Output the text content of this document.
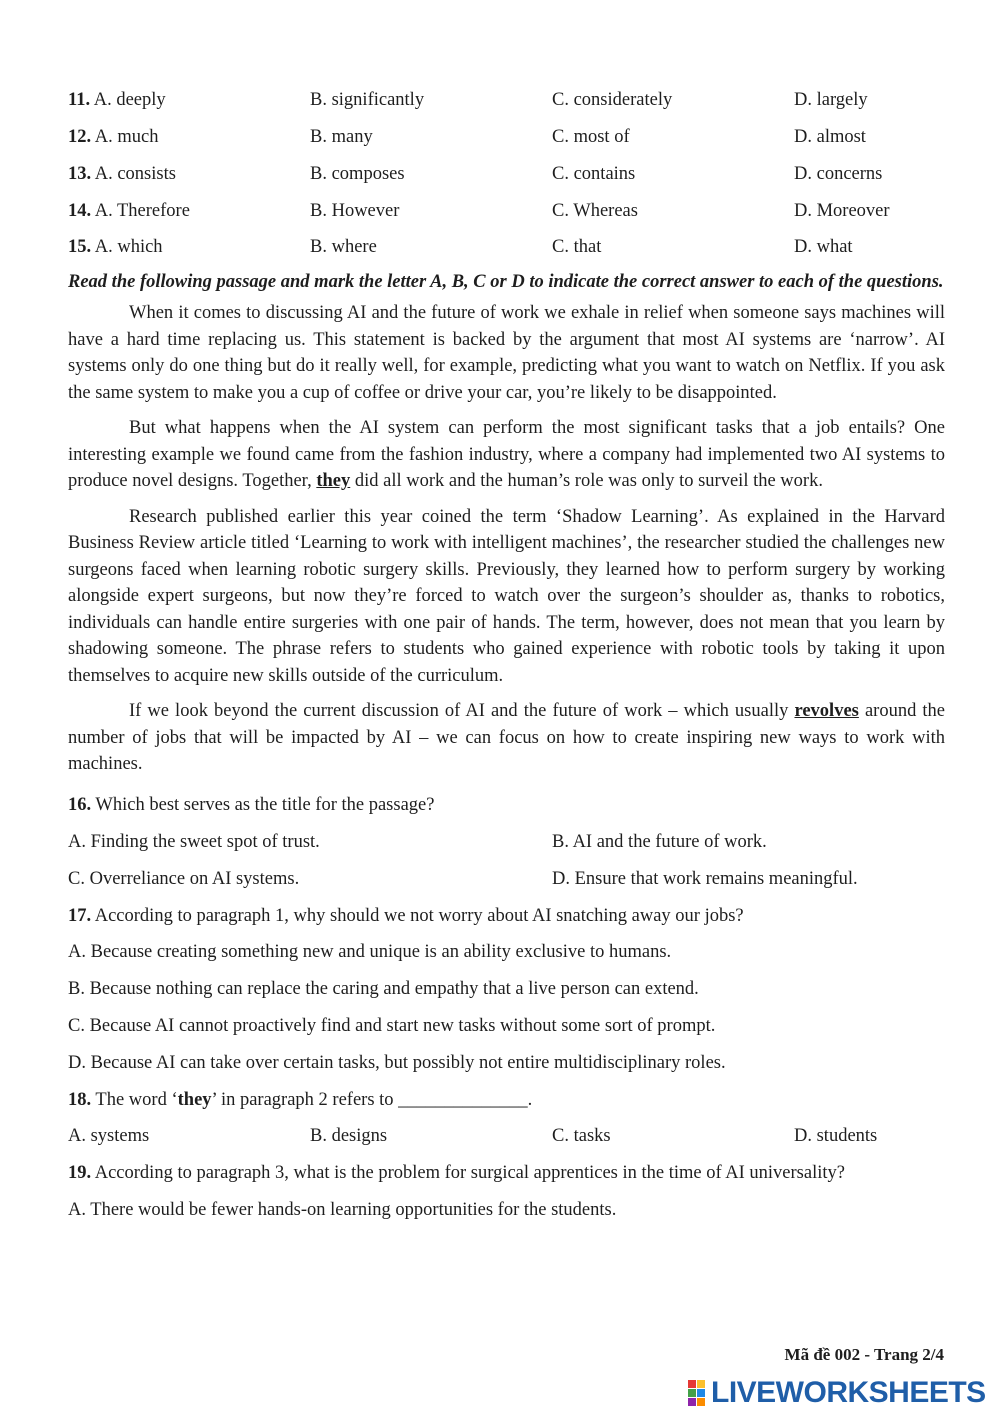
11. A. deeply	B. significantly	C. considerately	D. largely
12. A. much	B. many	C. most of	D. almost
13. A. consists	B. composes	C. contains	D. concerns
14. A. Therefore	B. However	C. Whereas	D. Moreover
15. A. which	B. where	C. that	D. what

Read the following passage and mark the letter A, B, C or D to indicate the correct answer to each of the questions.

When it comes to discussing AI and the future of work we exhale in relief when someone says machines will have a hard time replacing us. This statement is backed by the argument that most AI systems are ‘narrow’. AI systems only do one thing but do it really well, for example, predicting what you want to watch on Netflix. If you ask the same system to make you a cup of coffee or drive your car, you’re likely to be disappointed.

But what happens when the AI system can perform the most significant tasks that a job entails? One interesting example we found came from the fashion industry, where a company had implemented two AI systems to produce novel designs. Together, they did all work and the human’s role was only to surveil the work.

Research published earlier this year coined the term ‘Shadow Learning’. As explained in the Harvard Business Review article titled ‘Learning to work with intelligent machines’, the researcher studied the challenges new surgeons faced when learning robotic surgery skills. Previously, they learned how to perform surgery by working alongside expert surgeons, but now they’re forced to watch over the surgeon’s shoulder as, thanks to robotics, individuals can handle entire surgeries with one pair of hands. The term, however, does not mean that you learn by shadowing someone. The phrase refers to students who gained experience with robotic tools by taking it upon themselves to acquire new skills outside of the curriculum.

If we look beyond the current discussion of AI and the future of work – which usually revolves around the number of jobs that will be impacted by AI – we can focus on how to create inspiring new ways to work with machines.

16. Which best serves as the title for the passage?
A. Finding the sweet spot of trust.	B. AI and the future of work.
C. Overreliance on AI systems.	D. Ensure that work remains meaningful.
17. According to paragraph 1, why should we not worry about AI snatching away our jobs?
A. Because creating something new and unique is an ability exclusive to humans.
B. Because nothing can replace the caring and empathy that a live person can extend.
C. Because AI cannot proactively find and start new tasks without some sort of prompt.
D. Because AI can take over certain tasks, but possibly not entire multidisciplinary roles.
18. The word ‘they’ in paragraph 2 refers to ______________.
A. systems	B. designs	C. tasks	D. students
19. According to paragraph 3, what is the problem for surgical apprentices in the time of AI universality?
A. There would be fewer hands-on learning opportunities for the students.
Mã đề 002 - Trang 2/4
LIVEWORKSHEETS
